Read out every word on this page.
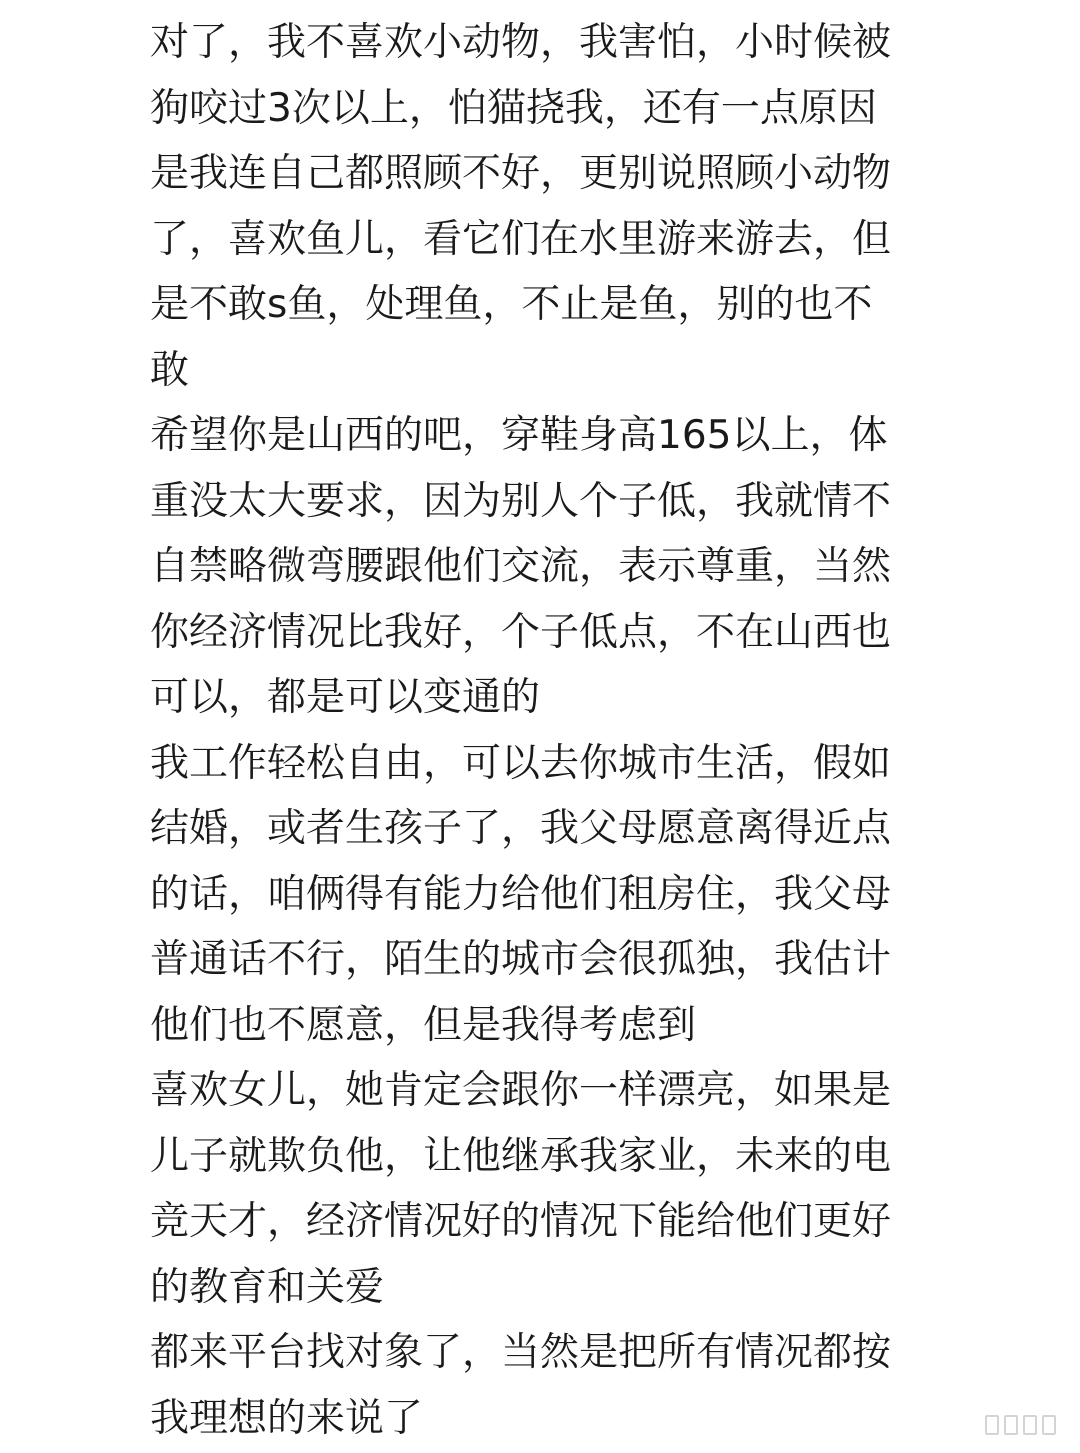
对了，我不喜欢小动物，我害怕，小时候被
狗咬过3次以上，怕猫挠我，还有一点原因
是我连自己都照顾不好，更别说照顾小动物
了，喜欢鱼儿，看它们在水里游来游去，但
是不敢s鱼，处理鱼，不止是鱼，别的也不
敢
希望你是山西的吧，穿鞋身高165以上，体
重没太大要求，因为别人个子低，我就情不
自禁略微弯腰跟他们交流，表示尊重，当然
你经济情况比我好，个子低点，不在山西也
可以，都是可以变通的
我工作轻松自由，可以去你城市生活，假如
结婚，或者生孩子了，我父母愿意离得近点
的话，咱俩得有能力给他们租房住，我父母
普通话不行，陌生的城市会很孤独，我估计
他们也不愿意，但是我得考虑到
喜欢女儿，她肯定会跟你一样漂亮，如果是
儿子就欺负他，让他继承我家业，未来的电
竞天才，经济情况好的情况下能给他们更好
的教育和关爱
都来平台找对象了，当然是把所有情况都按
我理想的来说了
